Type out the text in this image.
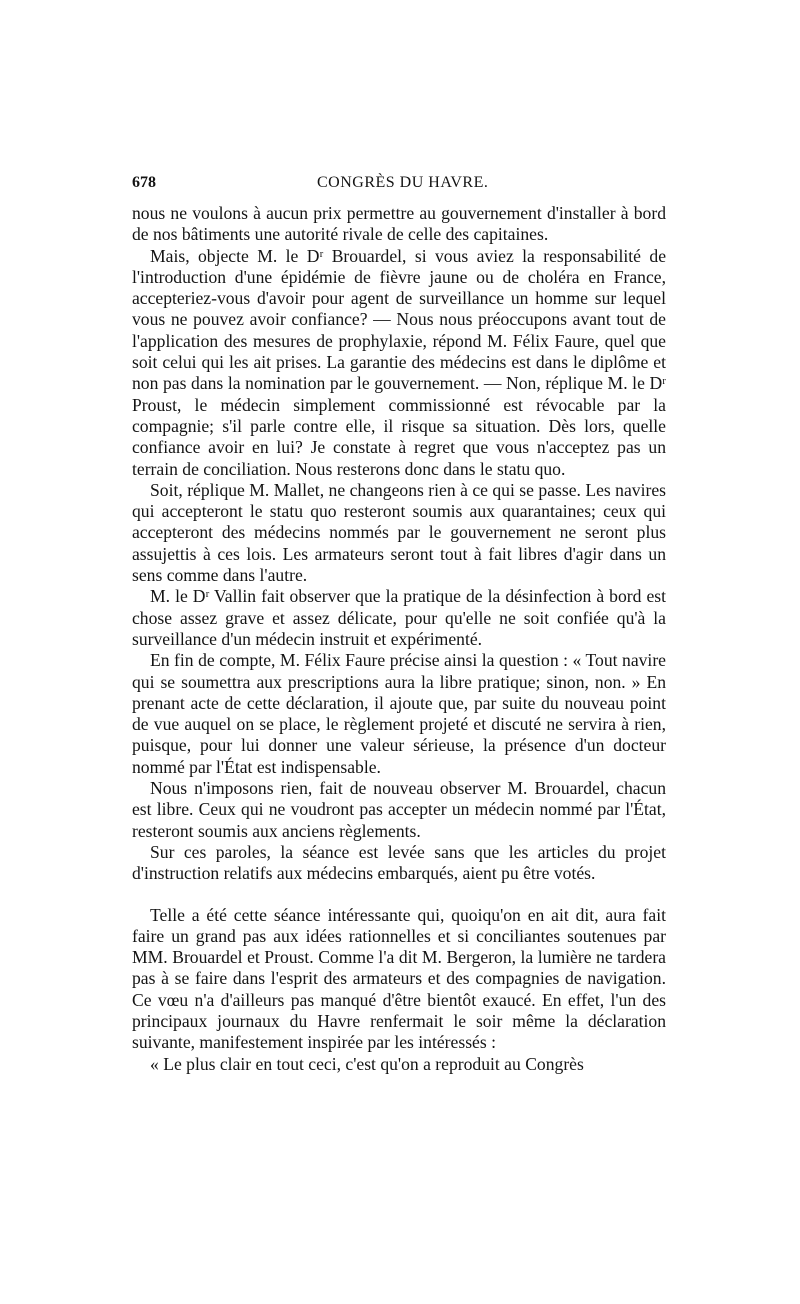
678	CONGRÈS DU HAVRE.

nous ne voulons à aucun prix permettre au gouvernement d'installer à bord de nos bâtiments une autorité rivale de celle des capitaines.

Mais, objecte M. le Dʳ Brouardel, si vous aviez la responsabilité de l'introduction d'une épidémie de fièvre jaune ou de choléra en France, accepteriez-vous d'avoir pour agent de surveillance un homme sur lequel vous ne pouvez avoir confiance? — Nous nous préoccupons avant tout de l'application des mesures de prophylaxie, répond M. Félix Faure, quel que soit celui qui les ait prises. La garantie des médecins est dans le diplôme et non pas dans la nomination par le gouvernement. — Non, réplique M. le Dʳ Proust, le médecin simplement commissionné est révocable par la compagnie; s'il parle contre elle, il risque sa situation. Dès lors, quelle confiance avoir en lui? Je constate à regret que vous n'acceptez pas un terrain de conciliation. Nous resterons donc dans le statu quo.

Soit, réplique M. Mallet, ne changeons rien à ce qui se passe. Les navires qui accepteront le statu quo resteront soumis aux quarantaines; ceux qui accepteront des médecins nommés par le gouvernement ne seront plus assujettis à ces lois. Les armateurs seront tout à fait libres d'agir dans un sens comme dans l'autre.

M. le Dʳ Vallin fait observer que la pratique de la désinfection à bord est chose assez grave et assez délicate, pour qu'elle ne soit confiée qu'à la surveillance d'un médecin instruit et expérimenté.

En fin de compte, M. Félix Faure précise ainsi la question : « Tout navire qui se soumettra aux prescriptions aura la libre pratique; sinon, non. » En prenant acte de cette déclaration, il ajoute que, par suite du nouveau point de vue auquel on se place, le règlement projeté et discuté ne servira à rien, puisque, pour lui donner une valeur sérieuse, la présence d'un docteur nommé par l'État est indispensable.

Nous n'imposons rien, fait de nouveau observer M. Brouardel, chacun est libre. Ceux qui ne voudront pas accepter un médecin nommé par l'État, resteront soumis aux anciens règlements.

Sur ces paroles, la séance est levée sans que les articles du projet d'instruction relatifs aux médecins embarqués, aient pu être votés.

Telle a été cette séance intéressante qui, quoiqu'on en ait dit, aura fait faire un grand pas aux idées rationnelles et si conciliantes soutenues par MM. Brouardel et Proust. Comme l'a dit M. Bergeron, la lumière ne tardera pas à se faire dans l'esprit des armateurs et des compagnies de navigation. Ce vœu n'a d'ailleurs pas manqué d'être bientôt exaucé. En effet, l'un des principaux journaux du Havre renfermait le soir même la déclaration suivante, manifestement inspirée par les intéressés :

« Le plus clair en tout ceci, c'est qu'on a reproduit au Congrès
